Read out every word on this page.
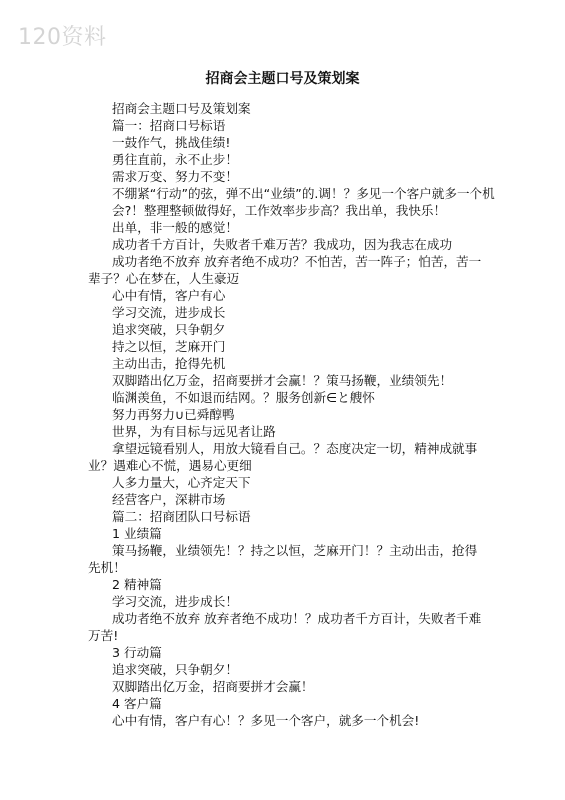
120资料
招商会主题口号及策划案

招商会主题口号及策划案

篇一：招商口号标语

一鼓作气，挑战佳绩!

勇往直前，永不止步！

需求万变、努力不变！

不绷紧“行动”的弦，弹不出“业绩”的.调！？多见一个客户就多一个机会?！整理整顿做得好，工作效率步步高？我出单，我快乐！

出单，非一般的感觉！

成功者千方百计，失败者千难万苦？我成功，因为我志在成功

成功者绝不放弃 放弃者绝不成功？不怕苦，苦一阵子；怕苦，苦一辈子？心在梦在，人生豪迈

心中有情，客户有心

学习交流，进步成长

追求突破，只争朝夕

持之以恒，芝麻开门

主动出击，抢得先机

双脚踏出亿万金，招商要拼才会赢！？策马扬鞭，业绩领先！

临渊羡鱼，不如退而结网。？服务创新∈と艘怀

努力再努力∪已舜醇鸭

世界，为有目标与远见者让路

拿望远镜看别人，用放大镜看自己。？态度决定一切，精神成就事业？遇难心不慌，遇易心更细

人多力量大，心齐定天下

经营客户，深耕市场

篇二：招商团队口号标语

1 业绩篇

策马扬鞭，业绩领先！？持之以恒，芝麻开门！？主动出击，抢得先机！

2 精神篇

学习交流，进步成长！

成功者绝不放弃 放弃者绝不成功！？成功者千方百计，失败者千难万苦!

3 行动篇

追求突破，只争朝夕！

双脚踏出亿万金，招商要拼才会赢！

4 客户篇

心中有情，客户有心！？多见一个客户，就多一个机会!
